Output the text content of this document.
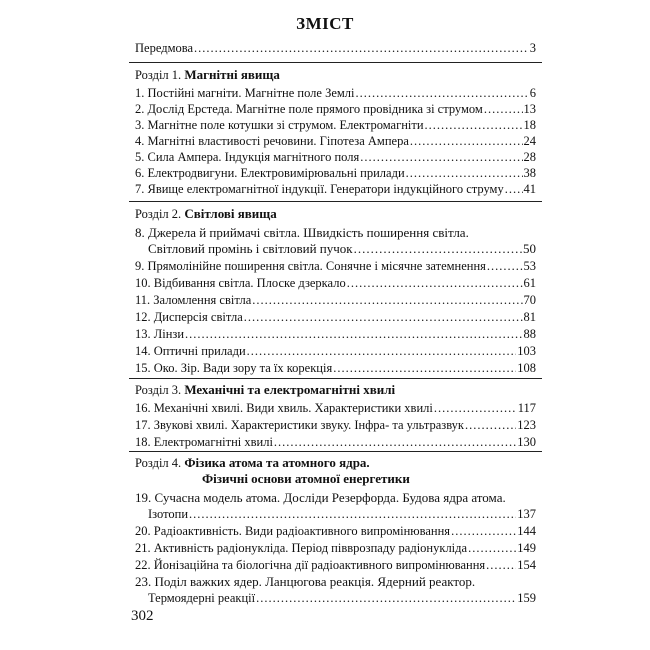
ЗМІСТ
Передмова .....	3
Розділ 1. Магнітні явища
1. Постійні магніти. Магнітне поле Землі .....	6
2. Дослід Ерстеда. Магнітне поле прямого провідника зі струмом .....	13
3. Магнітне поле котушки зі струмом. Електромагніти .....	18
4. Магнітні властивості речовини. Гіпотеза Ампера .....	24
5. Сила Ампера. Індукція магнітного поля .....	28
6. Електродвигуни. Електровимірювальні прилади .....	38
7. Явище електромагнітної індукції. Генератори індукційного струму ..... 41
Розділ 2. Світлові явища
8. Джерела й приймачі світла. Швидкість поширення світла.
Світловий промінь і світловий пучок .....	50
9. Прямолінійне поширення світла. Сонячне і місячне затемнення .....	53
10. Відбивання світла. Плоске дзеркало .....	61
11. Заломлення світла .....	70
12. Дисперсія світла .....	81
13. Лінзи .....	88
14. Оптичні прилади .....	103
15. Око. Зір. Вади зору та їх корекція .....	108
Розділ 3. Механічні та електромагнітні хвилі
16. Механічні хвилі. Види хвиль. Характеристики хвилі .....	117
17. Звукові хвилі. Характеристики звуку. Інфра- та ультразвук .....	123
18. Електромагнітні хвилі .....	130
Розділ 4. Фізика атома та атомного ядра.
Фізичні основи атомної енергетики
19. Сучасна модель атома. Досліди Резерфорда. Будова ядра атома.
Ізотопи .....	137
20. Радіоактивність. Види радіоактивного випромінювання .....	144
21. Активність радіонукліда. Період півврозпаду радіонукліда .....	149
22. Йонізаційна та біологічна дії радіоактивного випромінювання .....	154
23. Поділ важких ядер. Ланцюгова реакція. Ядерний реактор.
Термоядерні реакції .....	159
302
